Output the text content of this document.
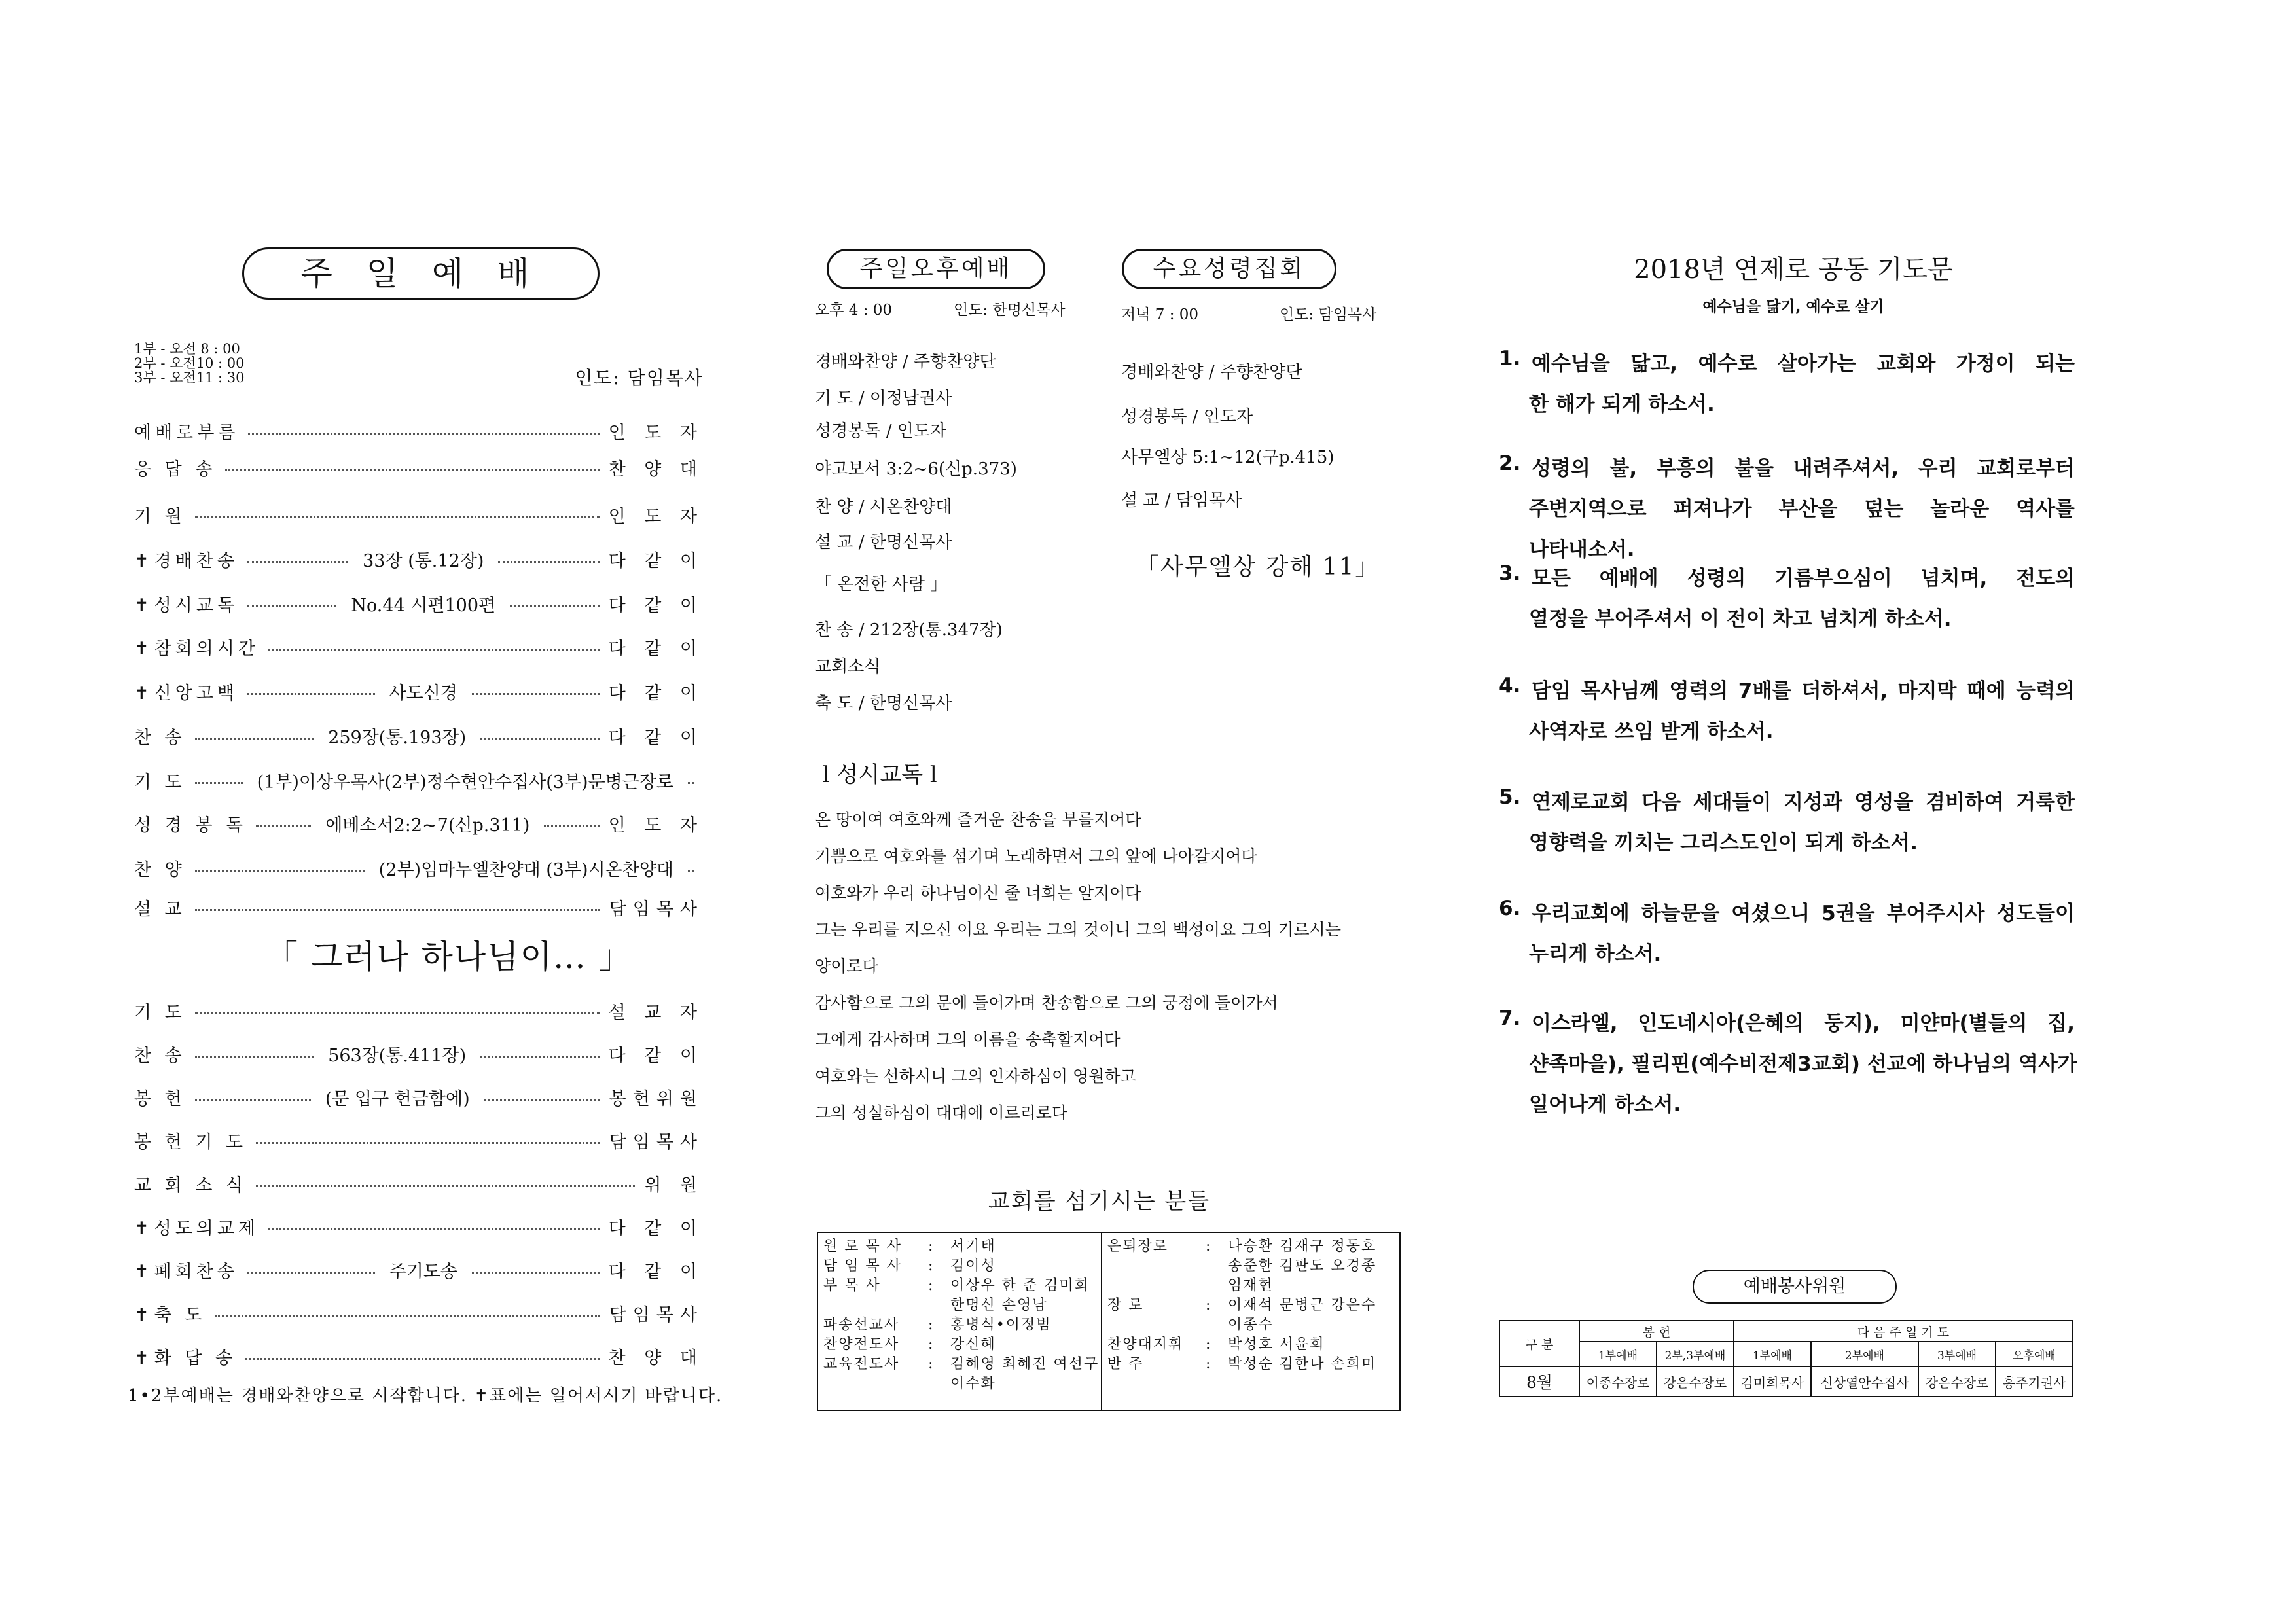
주 일 예 배
1부 - 오전 8 : 00
2부 - 오전10 : 00
3부 - 오전11 : 30	인도: 담임목사
예배로부름	인 도 자
응 답 송	찬 양 대
기 원	인 도 자
✝경배찬송	33장 (통.12장)	다 같 이
✝성시교독	No.44 시편100편	다 같 이
✝참회의시간	다 같 이
✝신앙고백	사도신경	다 같 이
찬 송	259장(통.193장)	다 같 이
기 도	(1부)이상우목사(2부)정수현안수집사(3부)문병근장로
성 경 봉 독	에베소서2:2~7(신p.311)	인 도 자
찬 양	(2부)임마누엘찬양대 (3부)시온찬양대
설 교	담임목사
「 그러나 하나님이… 」
기 도	설 교 자
찬 송	563장(통.411장)	다 같 이
봉 헌	(문 입구 헌금함에)	봉헌위원
봉 헌 기 도	담임목사
교 회 소 식	위 원
✝성도의교제	다 같 이
✝폐회찬송	주기도송	다 같 이
✝축 도	담임목사
✝화 답 송	찬 양 대
1•2부예배는 경배와찬양으로 시작합니다. ✝표에는 일어서시기 바랍니다.
주일오후예배
오후 4 : 00	인도: 한명신목사
경배와찬양 / 주향찬양단
기 도 / 이정남권사
성경봉독 / 인도자
야고보서 3:2~6(신p.373)
찬 양 / 시온찬양대
설 교 / 한명신목사
「 온전한 사람 」
찬 송 / 212장(통.347장)
교회소식
축 도 / 한명신목사
수요성령집회
저녁 7 : 00	인도: 담임목사
경배와찬양 / 주향찬양단
성경봉독 / 인도자
사무엘상 5:1~12(구p.415)
설 교 / 담임목사
「사무엘상 강해 11」
l 성시교독 l
온 땅이여 여호와께 즐거운 찬송을 부를지어다
기쁨으로 여호와를 섬기며 노래하면서 그의 앞에 나아갈지어다
여호와가 우리 하나님이신 줄 너희는 알지어다
그는 우리를 지으신 이요 우리는 그의 것이니 그의 백성이요 그의 기르시는
양이로다
감사함으로 그의 문에 들어가며 찬송함으로 그의 궁정에 들어가서
그에게 감사하며 그의 이름을 송축할지어다
여호와는 선하시니 그의 인자하심이 영원하고
그의 성실하심이 대대에 이르리로다
교회를 섬기시는 분들
원 로 목 사	:	서기태
담 임 목 사	:	김이성
부 목 사	:	이상우 한 준 김미희
		한명신 손영남
파송선교사	:	홍병식•이정범
찬양전도사	:	강신혜
교육전도사	:	김혜영 최혜진 여선구
		이수화
은퇴장로	:	나승환 김재구 정동호
		송준한 김판도 오경종
		임재현
장 로	:	이재석 문병근 강은수
		이종수
찬양대지휘	:	박성호 서윤희
반 주	:	박성순 김한나 손희미
2018년 연제로 공동 기도문
예수님을 닮기, 예수로 살기
1. 예수님을 닮고, 예수로 살아가는 교회와 가정이 되는
한 해가 되게 하소서.
2. 성령의 불, 부흥의 불을 내려주셔서, 우리 교회로부터
주변지역으로 퍼져나가 부산을 덮는 놀라운 역사를
나타내소서.
3. 모든 예배에 성령의 기름부으심이 넘치며, 전도의
열정을 부어주셔서 이 전이 차고 넘치게 하소서.
4. 담임 목사님께 영력의 7배를 더하셔서, 마지막 때에 능력의
사역자로 쓰임 받게 하소서.
5. 연제로교회 다음 세대들이 지성과 영성을 겸비하여 거룩한
영향력을 끼치는 그리스도인이 되게 하소서.
6. 우리교회에 하늘문을 여셨으니 5권을 부어주시사 성도들이
누리게 하소서.
7. 이스라엘, 인도네시아(은혜의 둥지), 미얀마(별들의 집,
샨족마을), 필리핀(예수비전제3교회) 선교에 하나님의 역사가
일어나게 하소서.
예배봉사위원
구 분	봉 헌		다 음 주 일 기 도			
	1부예배	2부,3부예배	1부예배	2부예배	3부예배	오후예배
8월	이종수장로	강은수장로	김미희목사	신상열안수집사	강은수장로	홍주기권사
